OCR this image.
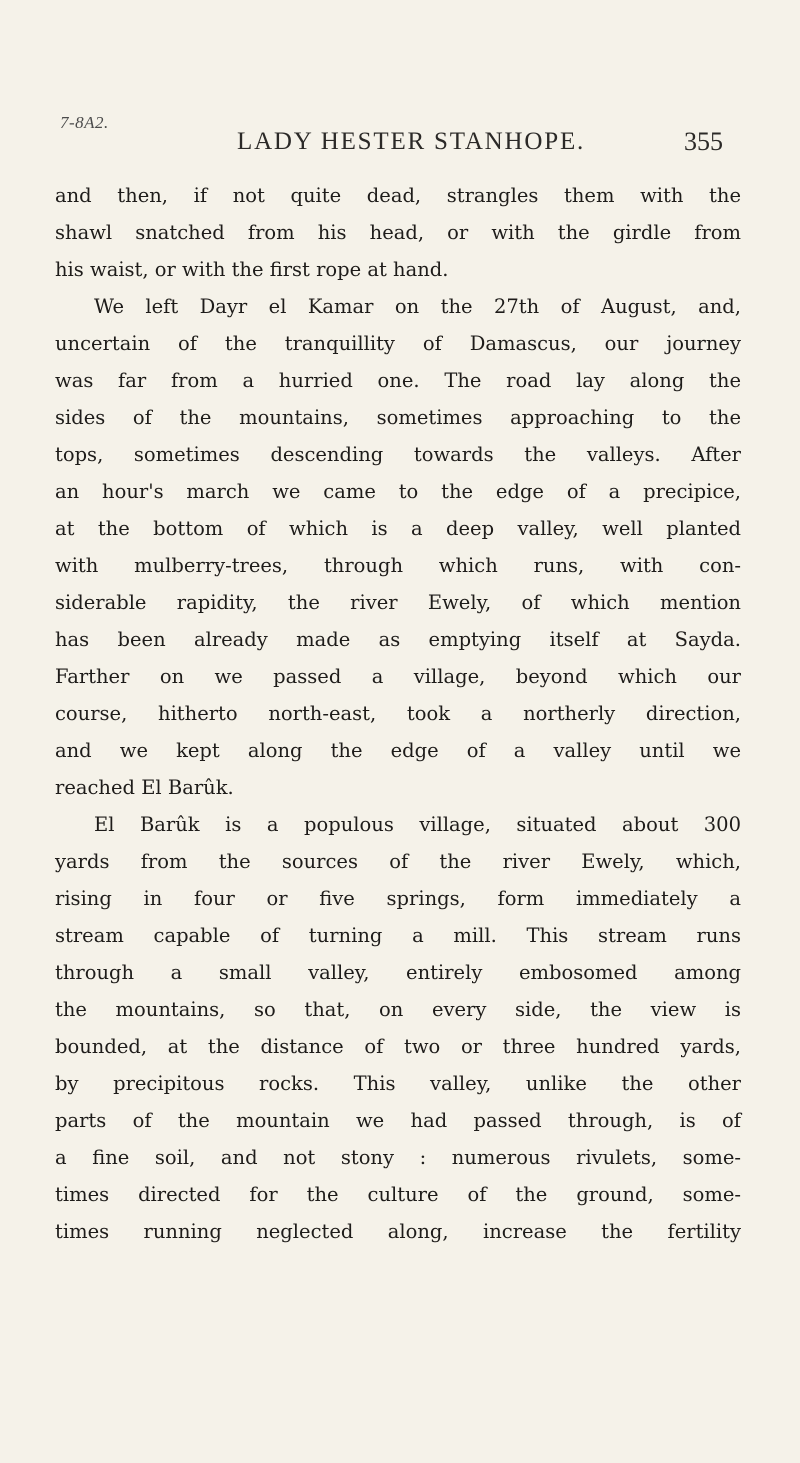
7-8A2.
LADY HESTER STANHOPE.	355
and then, if not quite dead, strangles them with the
shawl snatched from his head, or with the girdle from
his waist, or with the first rope at hand.
We left Dayr el Kamar on the 27th of August, and,
uncertain of the tranquillity of Damascus, our journey
was far from a hurried one. The road lay along the
sides of the mountains, sometimes approaching to the
tops, sometimes descending towards the valleys. After
an hour's march we came to the edge of a precipice,
at the bottom of which is a deep valley, well planted
with mulberry-trees, through which runs, with con-
siderable rapidity, the river Ewely, of which mention
has been already made as emptying itself at Sayda.
Farther on we passed a village, beyond which our
course, hitherto north-east, took a northerly direction,
and we kept along the edge of a valley until we
reached El Barûk.
El Barûk is a populous village, situated about 300
yards from the sources of the river Ewely, which,
rising in four or five springs, form immediately a
stream capable of turning a mill. This stream runs
through a small valley, entirely embosomed among
the mountains, so that, on every side, the view is
bounded, at the distance of two or three hundred yards,
by precipitous rocks. This valley, unlike the other
parts of the mountain we had passed through, is of
a fine soil, and not stony : numerous rivulets, some-
times directed for the culture of the ground, some-
times running neglected along, increase the fertility
